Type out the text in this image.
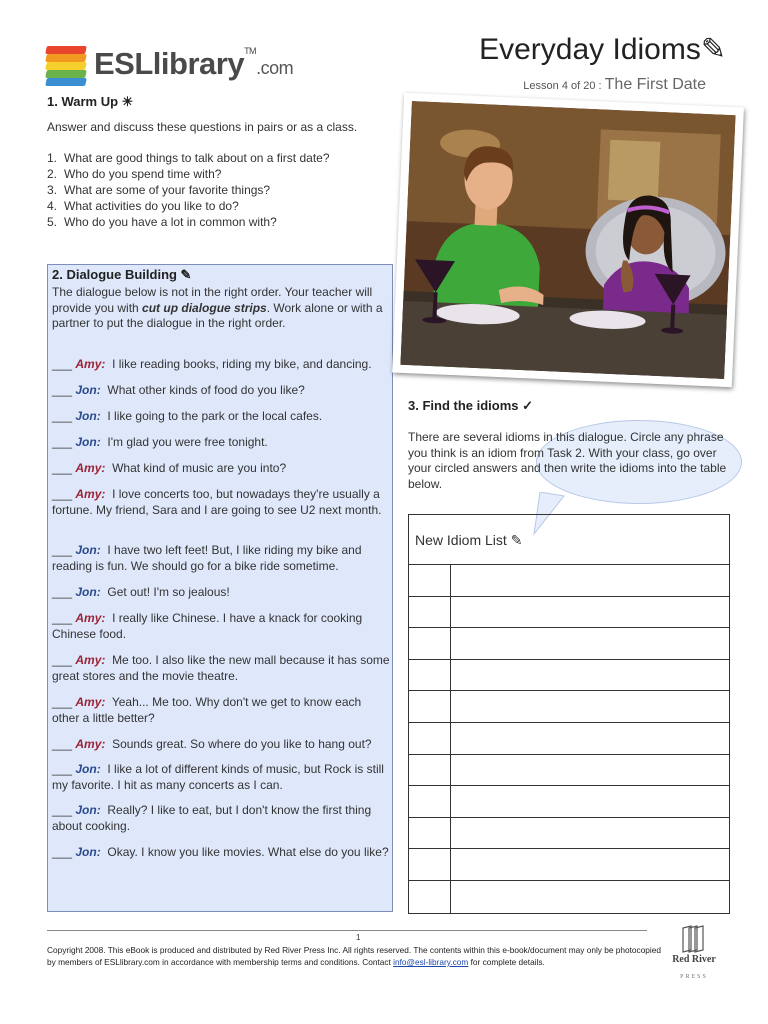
ESLlibrary™.com
Everyday Idioms✎
Lesson 4 of 20 : The First Date
1. Warm Up ☀
Answer and discuss these questions in pairs or as a class.
1. What are good things to talk about on a first date?
2. Who do you spend time with?
3. What are some of your favorite things?
4. What activities do you like to do?
5. Who do you have a lot in common with?
2. Dialogue Building ✎
The dialogue below is not in the right order. Your teacher will provide you with cut up dialogue strips. Work alone or with a partner to put the dialogue in the right order.
___ Amy: I like reading books, riding my bike, and dancing.
___ Jon: What other kinds of food do you like?
___ Jon: I like going to the park or the local cafes.
___ Jon: I'm glad you were free tonight.
___ Amy: What kind of music are you into?
___ Amy: I love concerts too, but nowadays they're usually a fortune. My friend, Sara and I are going to see U2 next month.
___ Jon: I have two left feet! But, I like riding my bike and reading is fun. We should go for a bike ride sometime.
___ Jon: Get out! I'm so jealous!
___ Amy: I really like Chinese. I have a knack for cooking Chinese food.
___ Amy: Me too. I also like the new mall because it has some great stores and the movie theatre.
___ Amy: Yeah... Me too. Why don't we get to know each other a little better?
___ Amy: Sounds great. So where do you like to hang out?
___ Jon: I like a lot of different kinds of music, but Rock is still my favorite. I hit as many concerts as I can.
___ Jon: Really? I like to eat, but I don't know the first thing about cooking.
___ Jon: Okay. I know you like movies. What else do you like?
3. Find the idioms ✓
There are several idioms in this dialogue. Circle any phrase you think is an idiom from Task 2. With your class, go over your circled answers and then write the idioms into the table below.
New Idiom List ✎
1
Copyright 2008. This eBook is produced and distributed by Red River Press Inc. All rights reserved. The contents within this e-book/document may only be photocopied by members of ESLlibrary.com in accordance with membership terms and conditions. Contact info@esl-library.com for complete details.	Red River
PRESS
